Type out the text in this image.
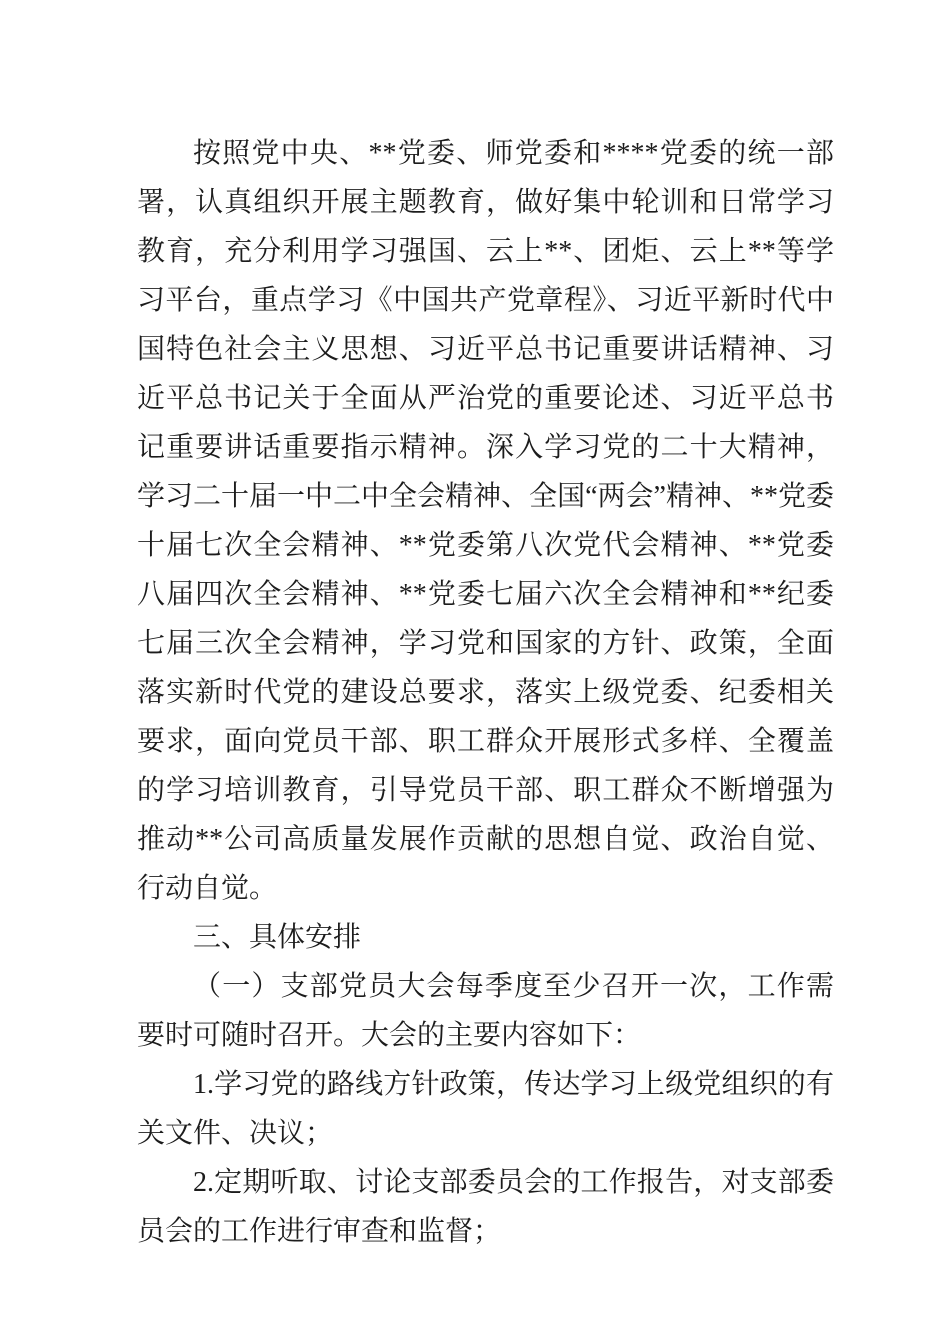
按照党中央、**党委、师党委和****党委的统一部署，认真组织开展主题教育，做好集中轮训和日常学习教育，充分利用学习强国、云上**、团炬、云上**等学习平台，重点学习《中国共产党章程》、习近平新时代中国特色社会主义思想、习近平总书记重要讲话精神、习近平总书记关于全面从严治党的重要论述、习近平总书记重要讲话重要指示精神。深入学习党的二十大精神，学习二十届一中二中全会精神、全国“两会”精神、**党委十届七次全会精神、**党委第八次党代会精神、**党委八届四次全会精神、**党委七届六次全会精神和**纪委七届三次全会精神，学习党和国家的方针、政策，全面落实新时代党的建设总要求，落实上级党委、纪委相关要求，面向党员干部、职工群众开展形式多样、全覆盖的学习培训教育，引导党员干部、职工群众不断增强为推动**公司高质量发展作贡献的思想自觉、政治自觉、行动自觉。

三、具体安排

（一）支部党员大会每季度至少召开一次，工作需要时可随时召开。大会的主要内容如下：

1.学习党的路线方针政策，传达学习上级党组织的有关文件、决议；

2.定期听取、讨论支部委员会的工作报告，对支部委员会的工作进行审查和监督；
